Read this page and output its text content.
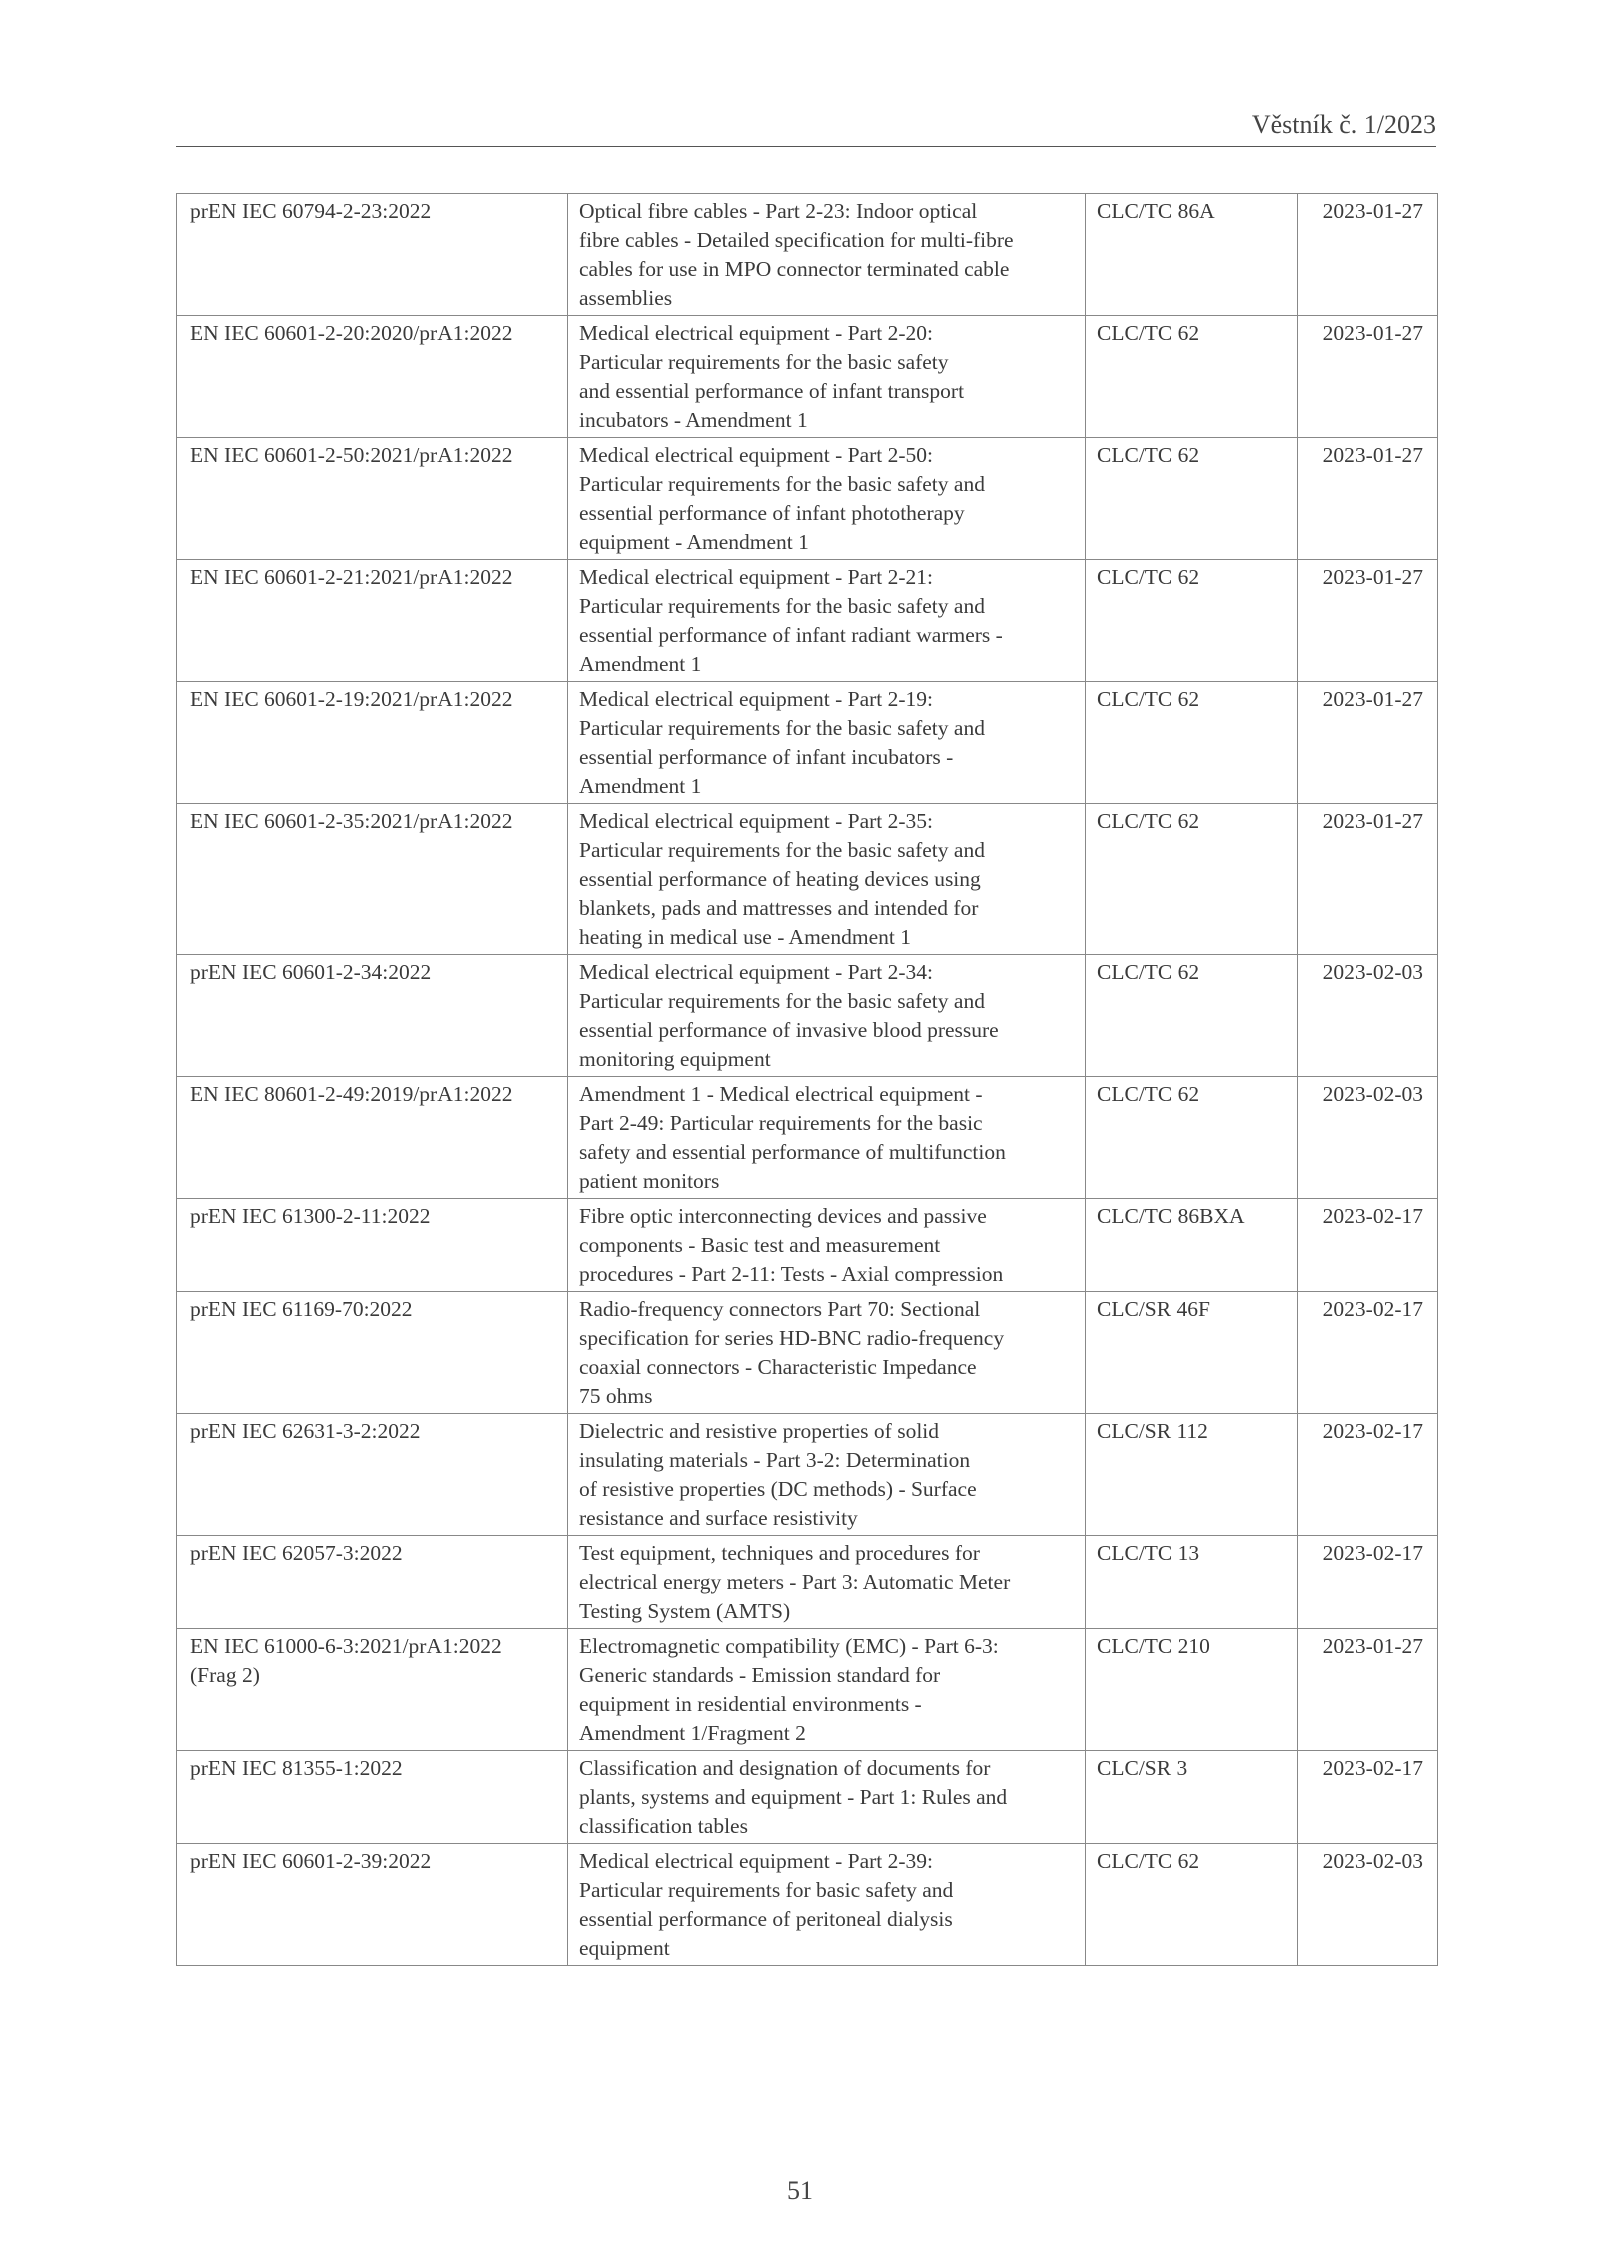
Věstník č. 1/2023
prEN IEC 60794-2-23:2022	Optical fibre cables - Part 2-23: Indoor optical
fibre cables - Detailed specification for multi-fibre
cables for use in MPO connector terminated cable
assemblies	CLC/TC 86A	2023-01-27
EN IEC 60601-2-20:2020/prA1:2022	Medical electrical equipment - Part 2-20:
Particular requirements for the basic safety
and essential performance of infant transport
incubators - Amendment 1	CLC/TC 62	2023-01-27
EN IEC 60601-2-50:2021/prA1:2022	Medical electrical equipment - Part 2-50:
Particular requirements for the basic safety and
essential performance of infant phototherapy
equipment - Amendment 1	CLC/TC 62	2023-01-27
EN IEC 60601-2-21:2021/prA1:2022	Medical electrical equipment - Part 2-21:
Particular requirements for the basic safety and
essential performance of infant radiant warmers -
Amendment 1	CLC/TC 62	2023-01-27
EN IEC 60601-2-19:2021/prA1:2022	Medical electrical equipment - Part 2-19:
Particular requirements for the basic safety and
essential performance of infant incubators -
Amendment 1	CLC/TC 62	2023-01-27
EN IEC 60601-2-35:2021/prA1:2022	Medical electrical equipment - Part 2-35:
Particular requirements for the basic safety and
essential performance of heating devices using
blankets, pads and mattresses and intended for
heating in medical use - Amendment 1	CLC/TC 62	2023-01-27
prEN IEC 60601-2-34:2022	Medical electrical equipment - Part 2-34:
Particular requirements for the basic safety and
essential performance of invasive blood pressure
monitoring equipment	CLC/TC 62	2023-02-03
EN IEC 80601-2-49:2019/prA1:2022	Amendment 1 - Medical electrical equipment -
Part 2-49: Particular requirements for the basic
safety and essential performance of multifunction
patient monitors	CLC/TC 62	2023-02-03
prEN IEC 61300-2-11:2022	Fibre optic interconnecting devices and passive
components - Basic test and measurement
procedures - Part 2-11: Tests - Axial compression	CLC/TC 86BXA	2023-02-17
prEN IEC 61169-70:2022	Radio-frequency connectors Part 70: Sectional
specification for series HD-BNC radio-frequency
coaxial connectors - Characteristic Impedance
75 ohms	CLC/SR 46F	2023-02-17
prEN IEC 62631-3-2:2022	Dielectric and resistive properties of solid
insulating materials - Part 3-2: Determination
of resistive properties (DC methods) - Surface
resistance and surface resistivity	CLC/SR 112	2023-02-17
prEN IEC 62057-3:2022	Test equipment, techniques and procedures for
electrical energy meters - Part 3: Automatic Meter
Testing System (AMTS)	CLC/TC 13	2023-02-17
EN IEC 61000-6-3:2021/prA1:2022
(Frag 2)	Electromagnetic compatibility (EMC) - Part 6-3:
Generic standards - Emission standard for
equipment in residential environments -
Amendment 1/Fragment 2	CLC/TC 210	2023-01-27
prEN IEC 81355-1:2022	Classification and designation of documents for
plants, systems and equipment - Part 1: Rules and
classification tables	CLC/SR 3	2023-02-17
prEN IEC 60601-2-39:2022	Medical electrical equipment - Part 2-39:
Particular requirements for basic safety and
essential performance of peritoneal dialysis
equipment	CLC/TC 62	2023-02-03
51
